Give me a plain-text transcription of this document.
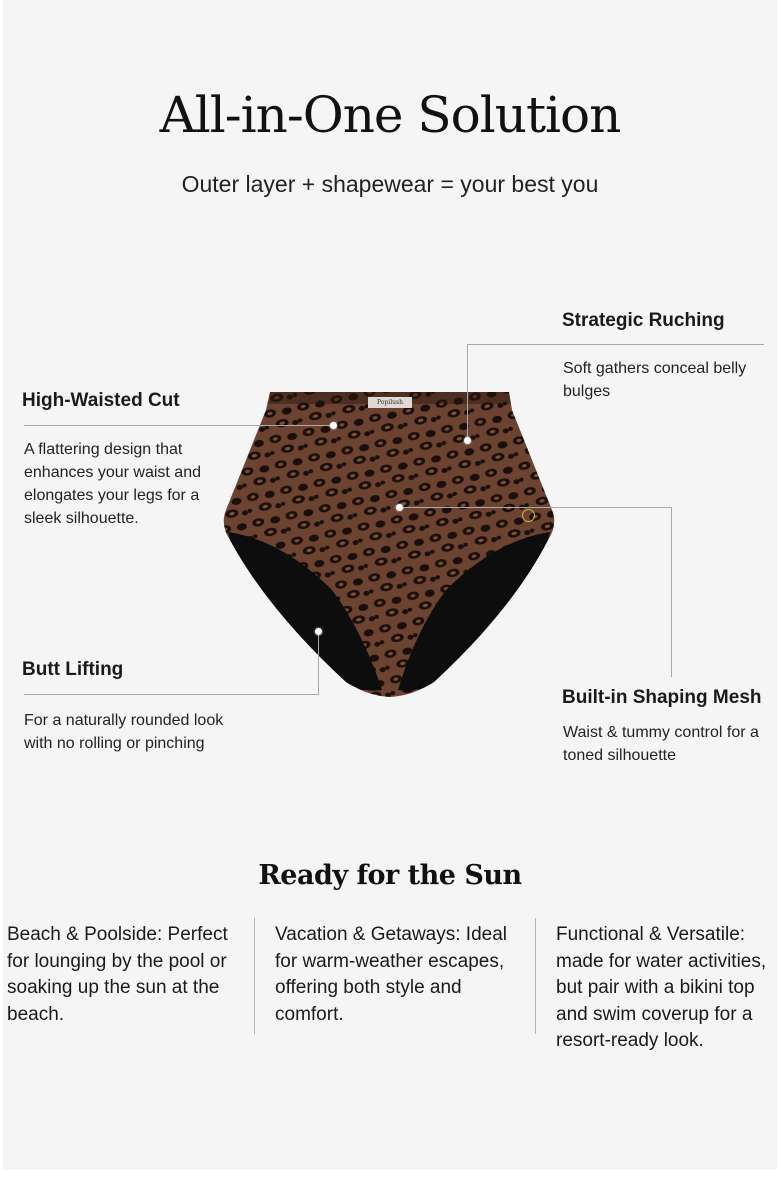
All-in-One Solution

Outer layer + shapewear = your best you

Popilush
High-Waisted Cut

A flattering design that enhances your waist and elongates your legs for a sleek silhouette.

Strategic Ruching

Soft gathers conceal belly bulges

Butt Lifting

For a naturally rounded look with no rolling or pinching

Built-in Shaping Mesh

Waist & tummy control for a toned silhouette

Ready for the Sun

Beach & Poolside: Perfect for lounging by the pool or soaking up the sun at the beach.

Vacation & Getaways: Ideal for warm-weather escapes, offering both style and comfort.

Functional & Versatile: made for water activities, but pair with a bikini top and swim coverup for a resort-ready look.
